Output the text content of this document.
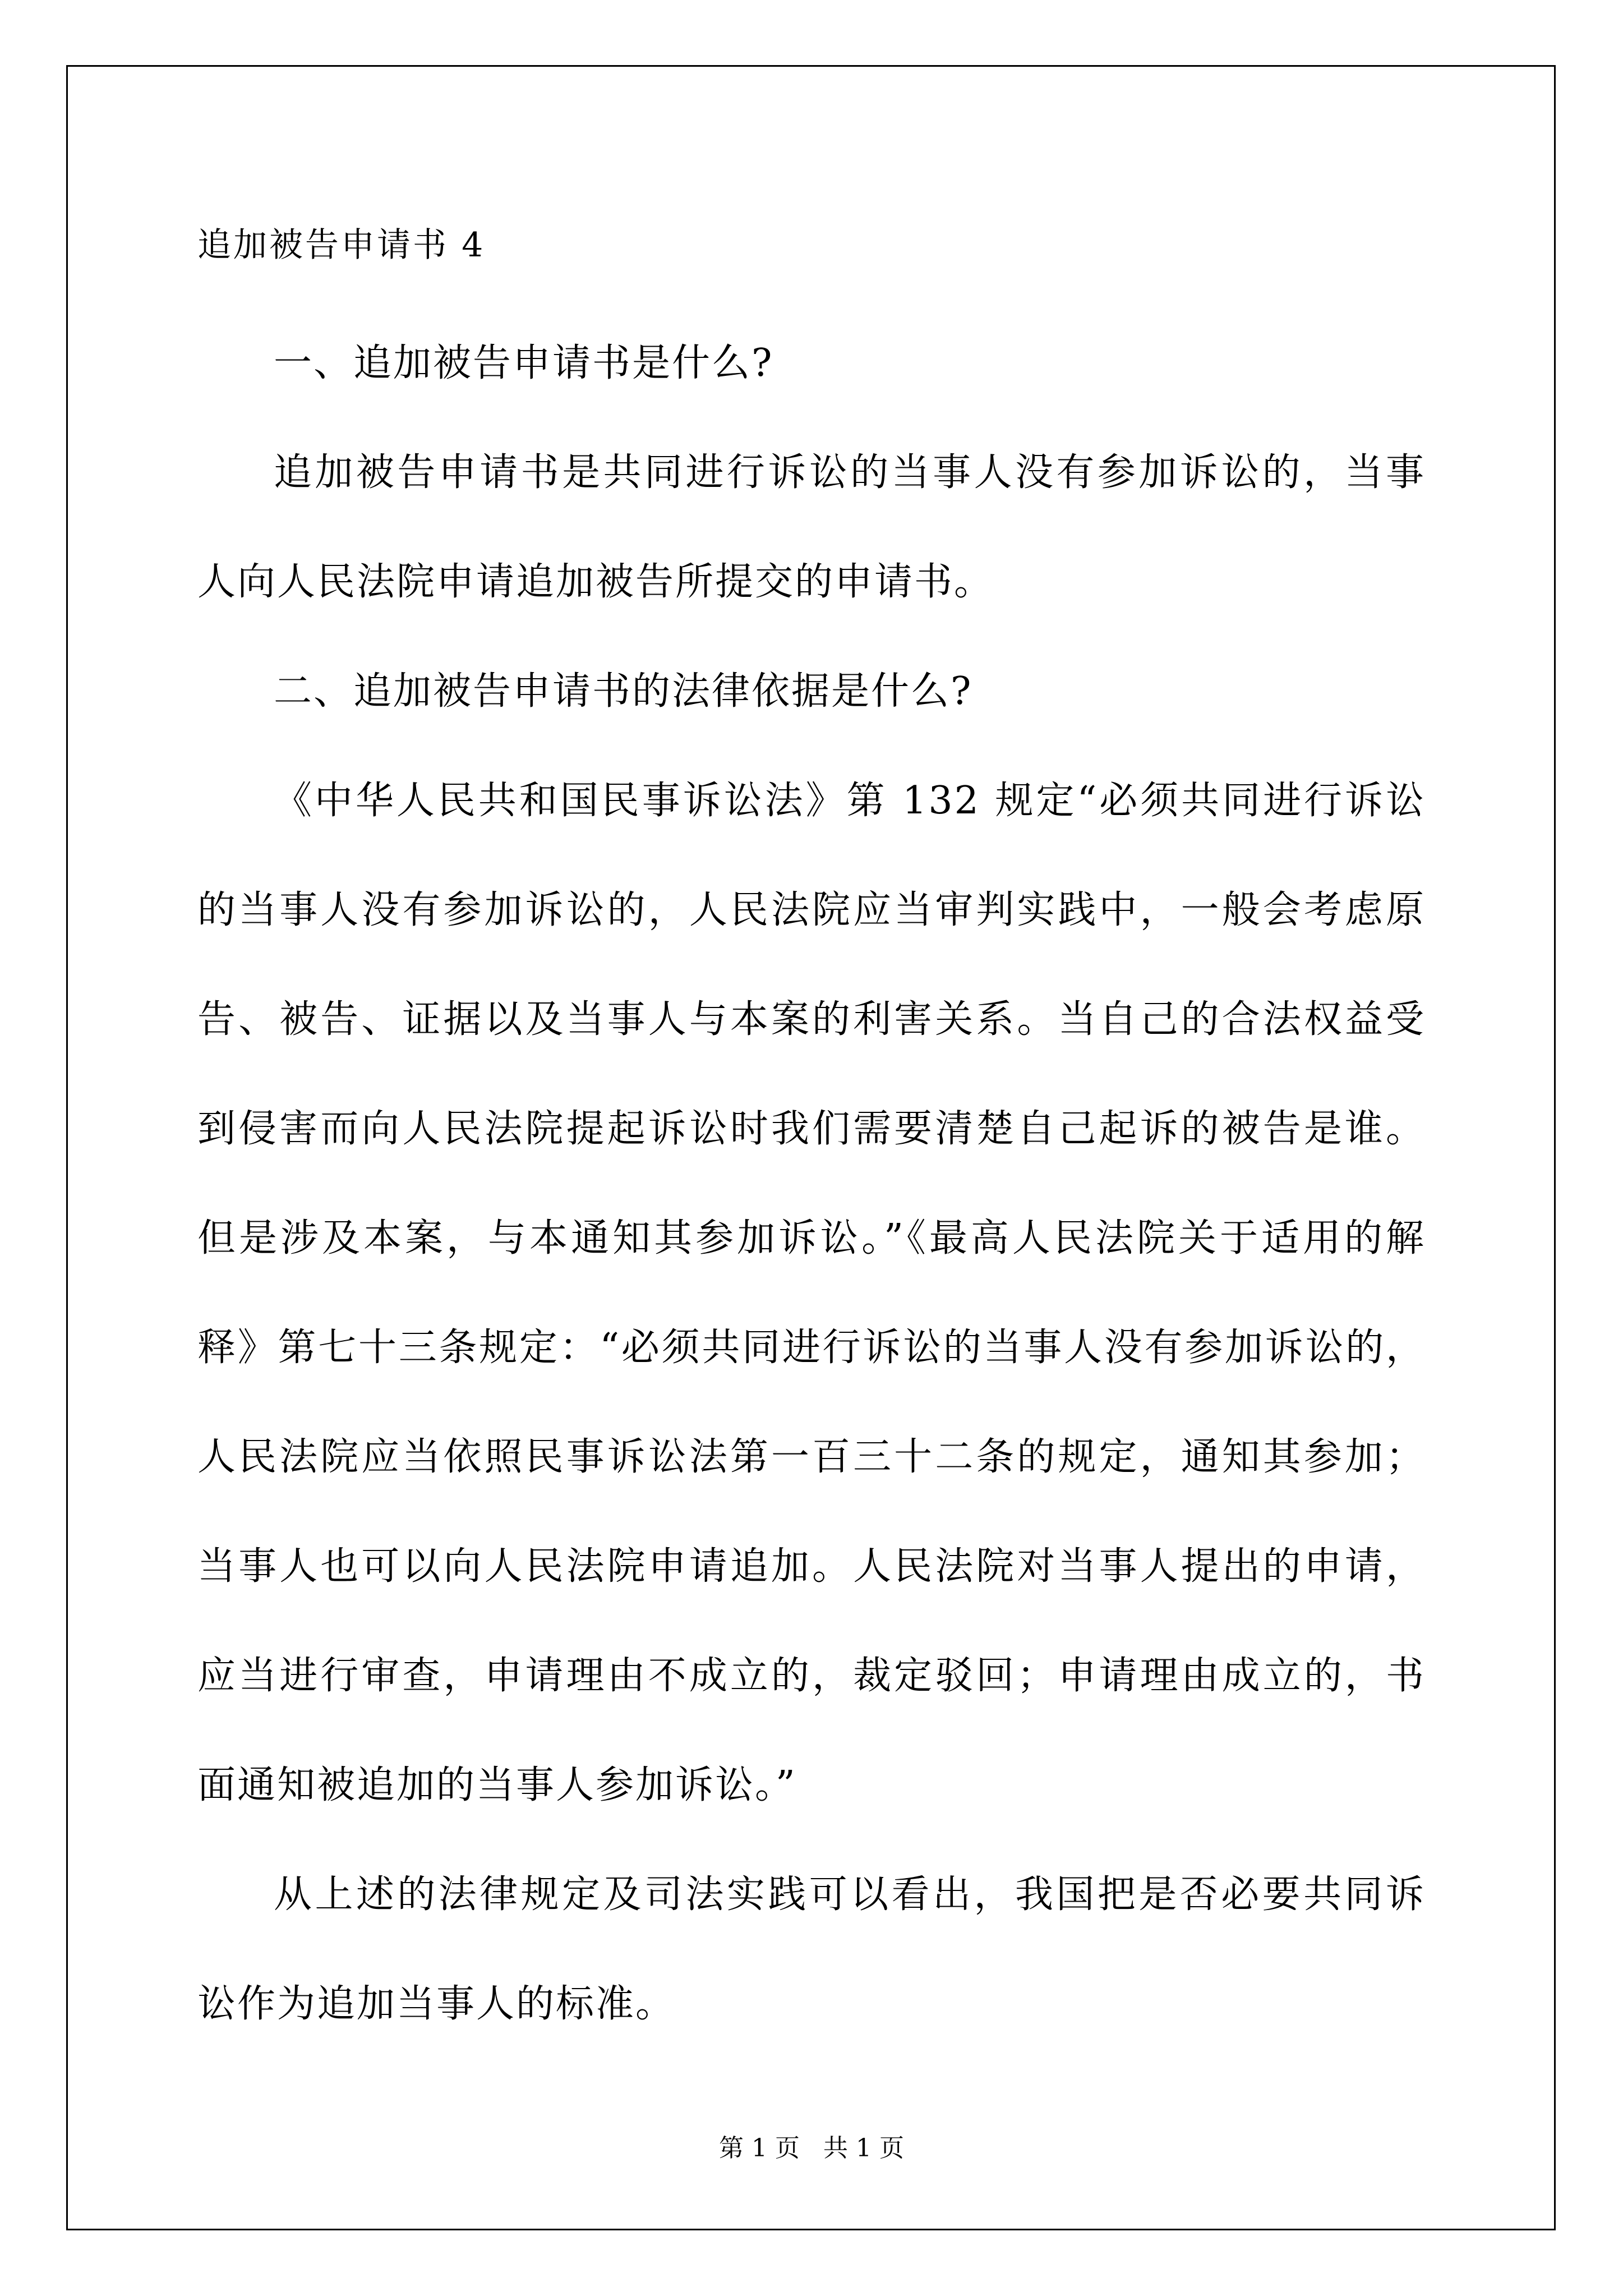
追加被告申请书 4

一、追加被告申请书是什么?

追加被告申请书是共同进行诉讼的当事人没有参加诉讼的，当事人向人民法院申请追加被告所提交的申请书。

二、追加被告申请书的法律依据是什么?

《中华人民共和国民事诉讼法》第 132 规定“必须共同进行诉讼的当事人没有参加诉讼的，人民法院应当审判实践中，一般会考虑原告、被告、证据以及当事人与本案的利害关系。当自己的合法权益受到侵害而向人民法院提起诉讼时我们需要清楚自己起诉的被告是谁。但是涉及本案，与本通知其参加诉讼。”《最高人民法院关于适用的解释》第七十三条规定：“必须共同进行诉讼的当事人没有参加诉讼的，人民法院应当依照民事诉讼法第一百三十二条的规定，通知其参加；当事人也可以向人民法院申请追加。人民法院对当事人提出的申请，应当进行审查，申请理由不成立的，裁定驳回；申请理由成立的，书面通知被追加的当事人参加诉讼。”

从上述的法律规定及司法实践可以看出，我国把是否必要共同诉讼作为追加当事人的标准。

第 1 页   共 1 页
